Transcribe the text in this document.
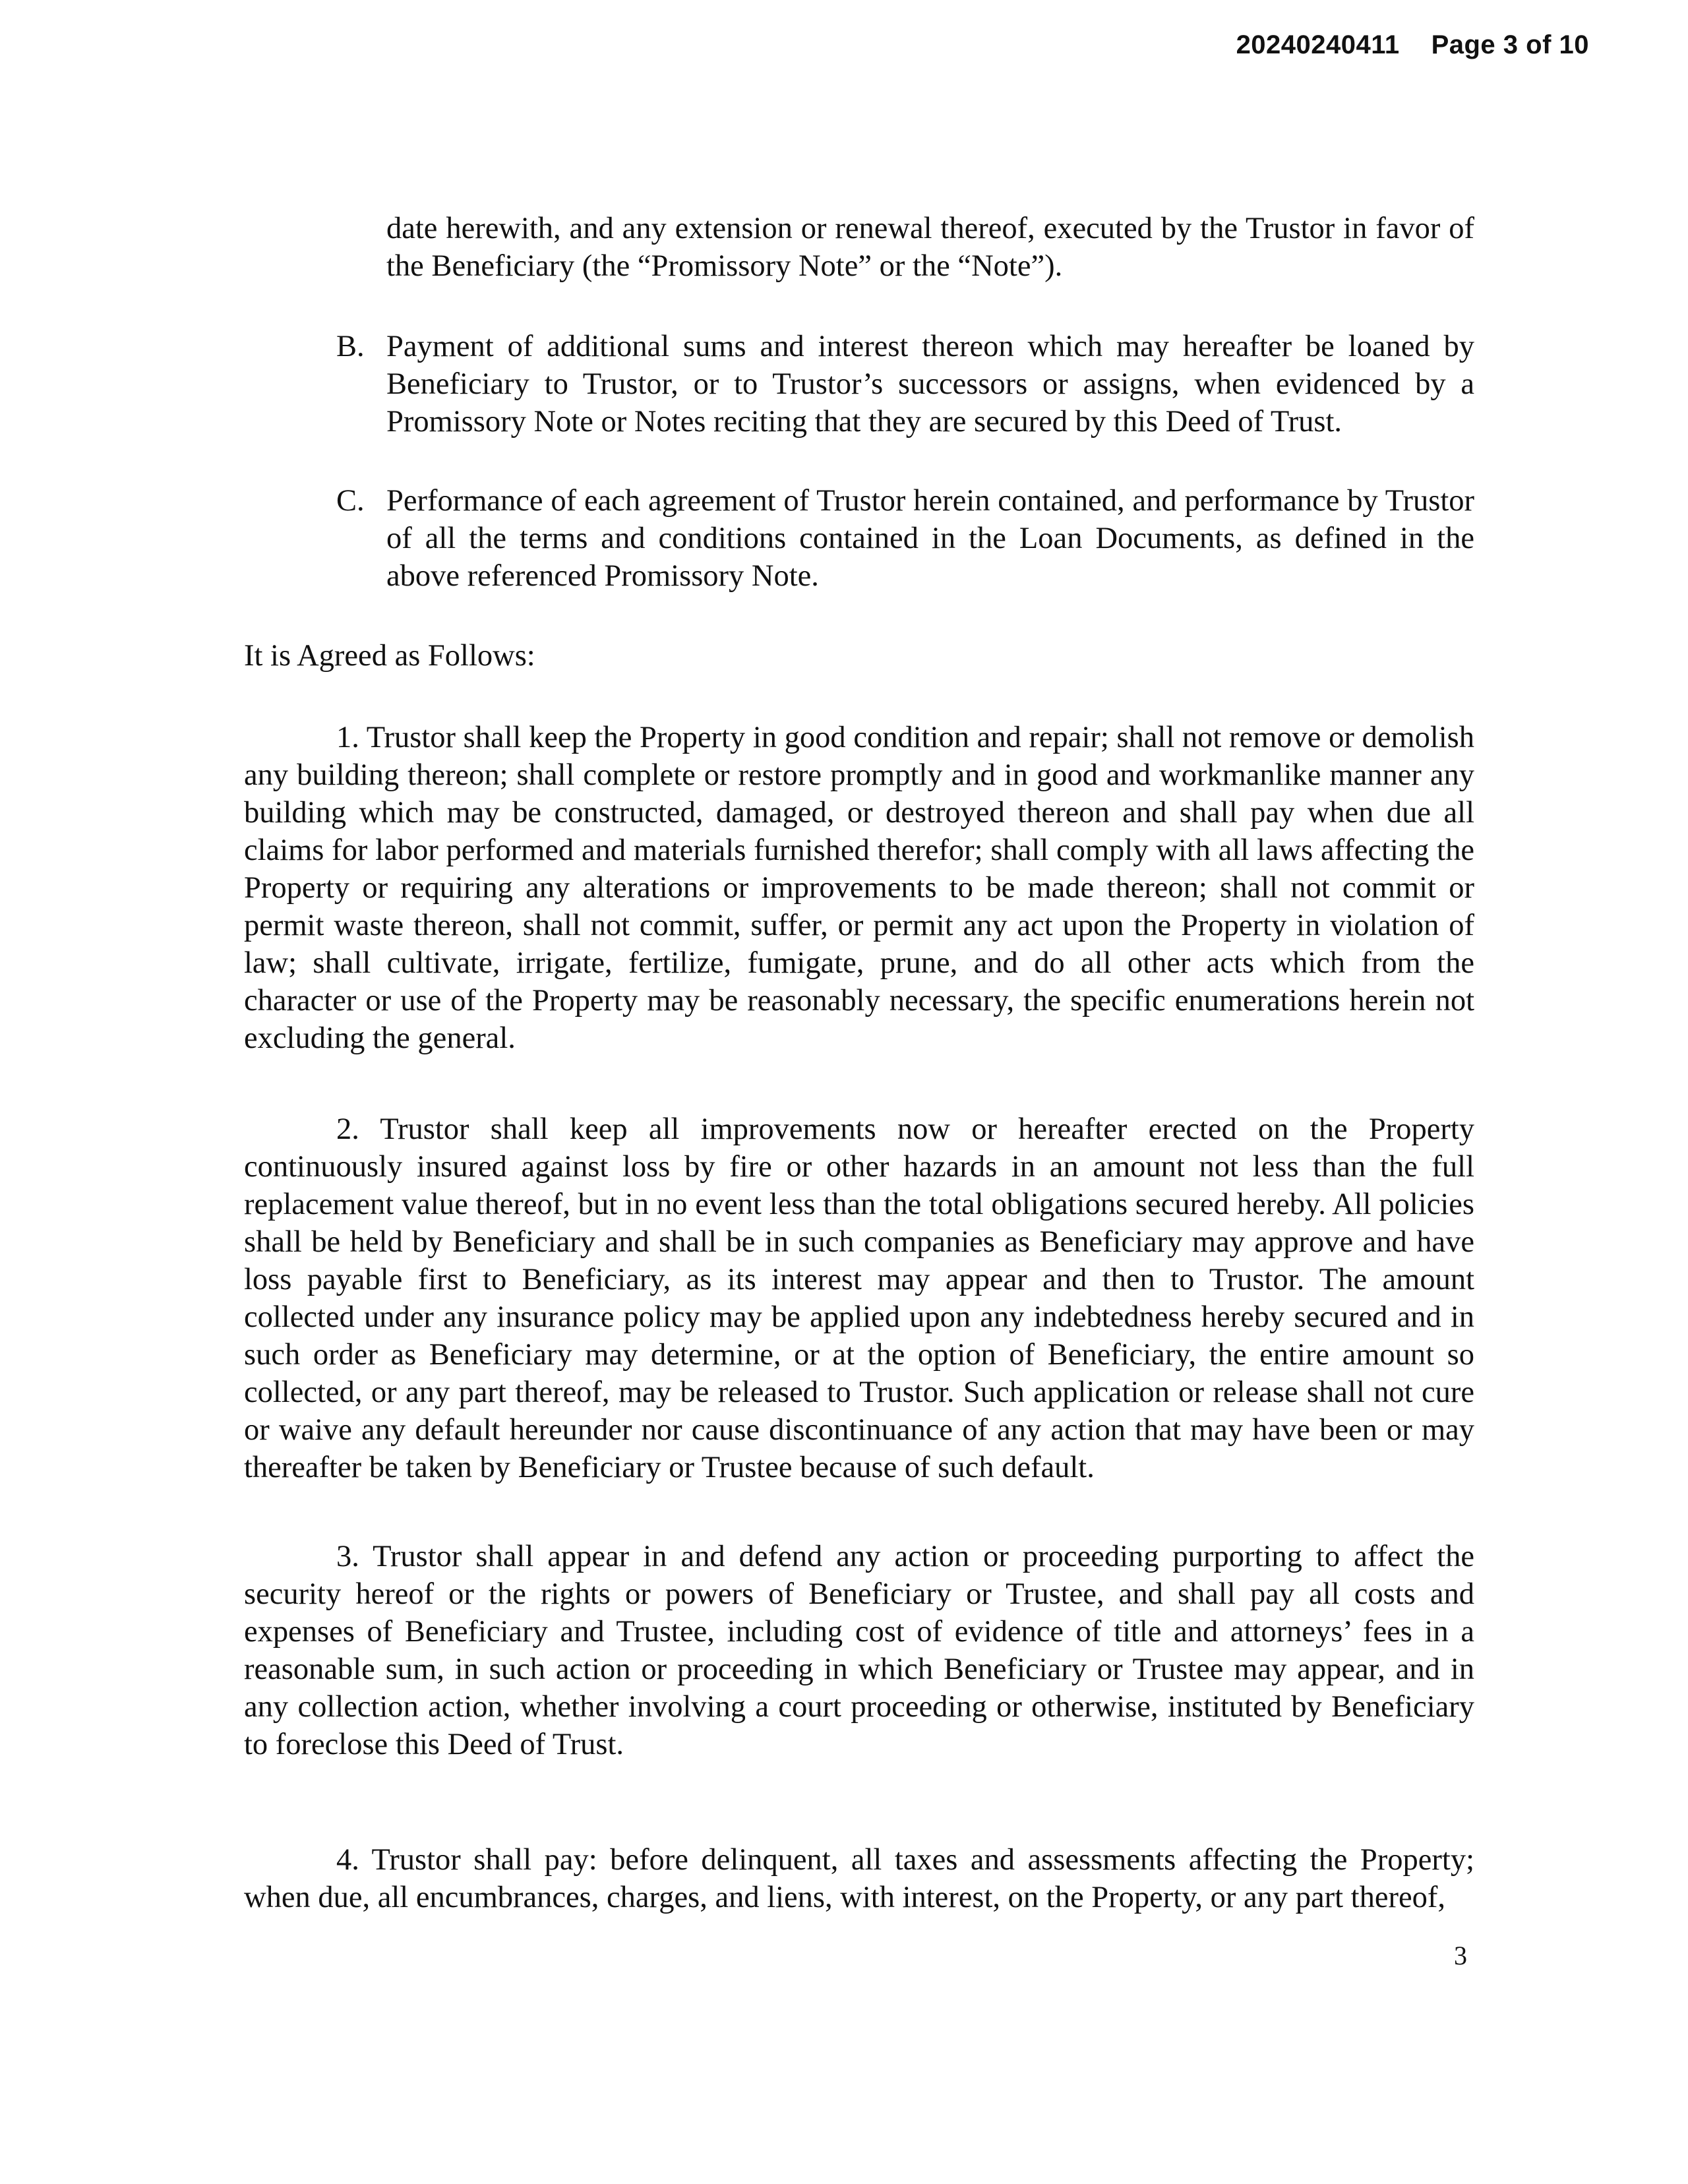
20240240411 Page 3 of 10
date herewith, and any extension or renewal thereof, executed by the Trustor in favor of the Beneficiary (the “Promissory Note” or the “Note”).
B. Payment of additional sums and interest thereon which may hereafter be loaned by Beneficiary to Trustor, or to Trustor’s successors or assigns, when evidenced by a Promissory Note or Notes reciting that they are secured by this Deed of Trust.
C. Performance of each agreement of Trustor herein contained, and performance by Trustor of all the terms and conditions contained in the Loan Documents, as defined in the above referenced Promissory Note.
It is Agreed as Follows:
1. Trustor shall keep the Property in good condition and repair; shall not remove or demolish any building thereon; shall complete or restore promptly and in good and workmanlike manner any building which may be constructed, damaged, or destroyed thereon and shall pay when due all claims for labor performed and materials furnished therefor; shall comply with all laws affecting the Property or requiring any alterations or improvements to be made thereon; shall not commit or permit waste thereon, shall not commit, suffer, or permit any act upon the Property in violation of law; shall cultivate, irrigate, fertilize, fumigate, prune, and do all other acts which from the character or use of the Property may be reasonably necessary, the specific enumerations herein not excluding the general.
2. Trustor shall keep all improvements now or hereafter erected on the Property continuously insured against loss by fire or other hazards in an amount not less than the full replacement value thereof, but in no event less than the total obligations secured hereby. All policies shall be held by Beneficiary and shall be in such companies as Beneficiary may approve and have loss payable first to Beneficiary, as its interest may appear and then to Trustor. The amount collected under any insurance policy may be applied upon any indebtedness hereby secured and in such order as Beneficiary may determine, or at the option of Beneficiary, the entire amount so collected, or any part thereof, may be released to Trustor. Such application or release shall not cure or waive any default hereunder nor cause discontinuance of any action that may have been or may thereafter be taken by Beneficiary or Trustee because of such default.
3. Trustor shall appear in and defend any action or proceeding purporting to affect the security hereof or the rights or powers of Beneficiary or Trustee, and shall pay all costs and expenses of Beneficiary and Trustee, including cost of evidence of title and attorneys’ fees in a reasonable sum, in such action or proceeding in which Beneficiary or Trustee may appear, and in any collection action, whether involving a court proceeding or otherwise, instituted by Beneficiary to foreclose this Deed of Trust.
4. Trustor shall pay: before delinquent, all taxes and assessments affecting the Property; when due, all encumbrances, charges, and liens, with interest, on the Property, or any part thereof,
3
